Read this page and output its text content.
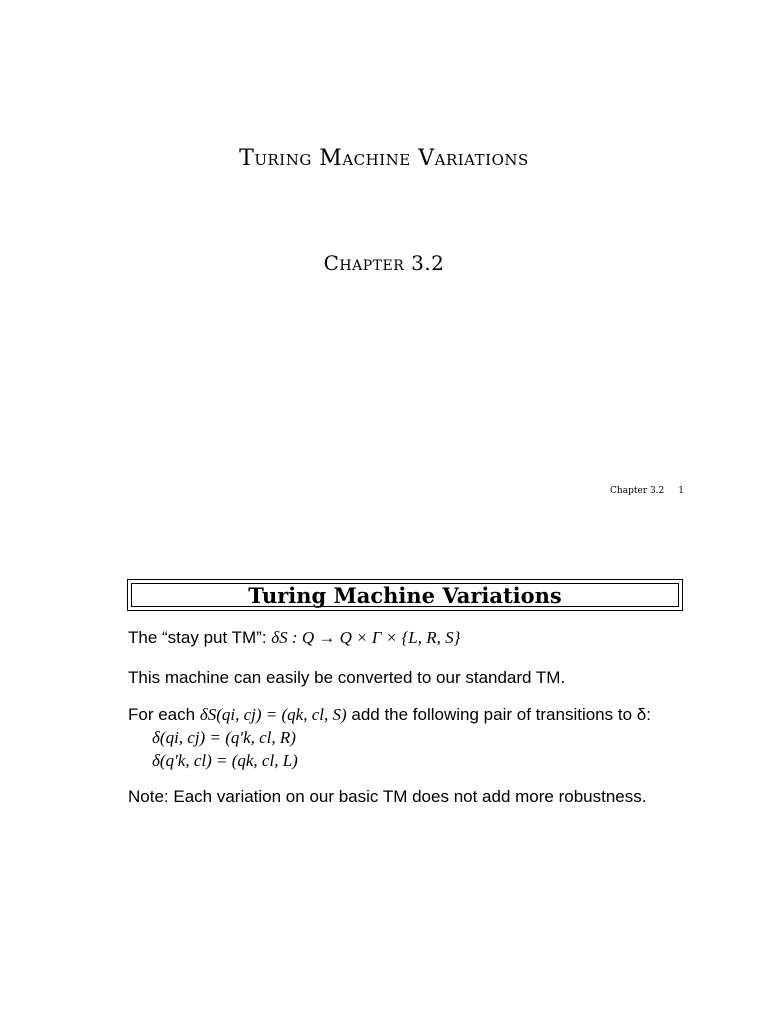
Turing Machine Variations
Chapter 3.2
Chapter 3.2 1
Turing Machine Variations
The “stay put TM”: δS : Q → Q × Γ × {L, R, S}
This machine can easily be converted to our standard TM.
For each δS(qi, cj) = (qk, cl, S) add the following pair of transitions to δ:
δ(qi, cj) = (q′k, cl, R)
δ(q′k, cl) = (qk, cl, L)
Note: Each variation on our basic TM does not add more robustness.
